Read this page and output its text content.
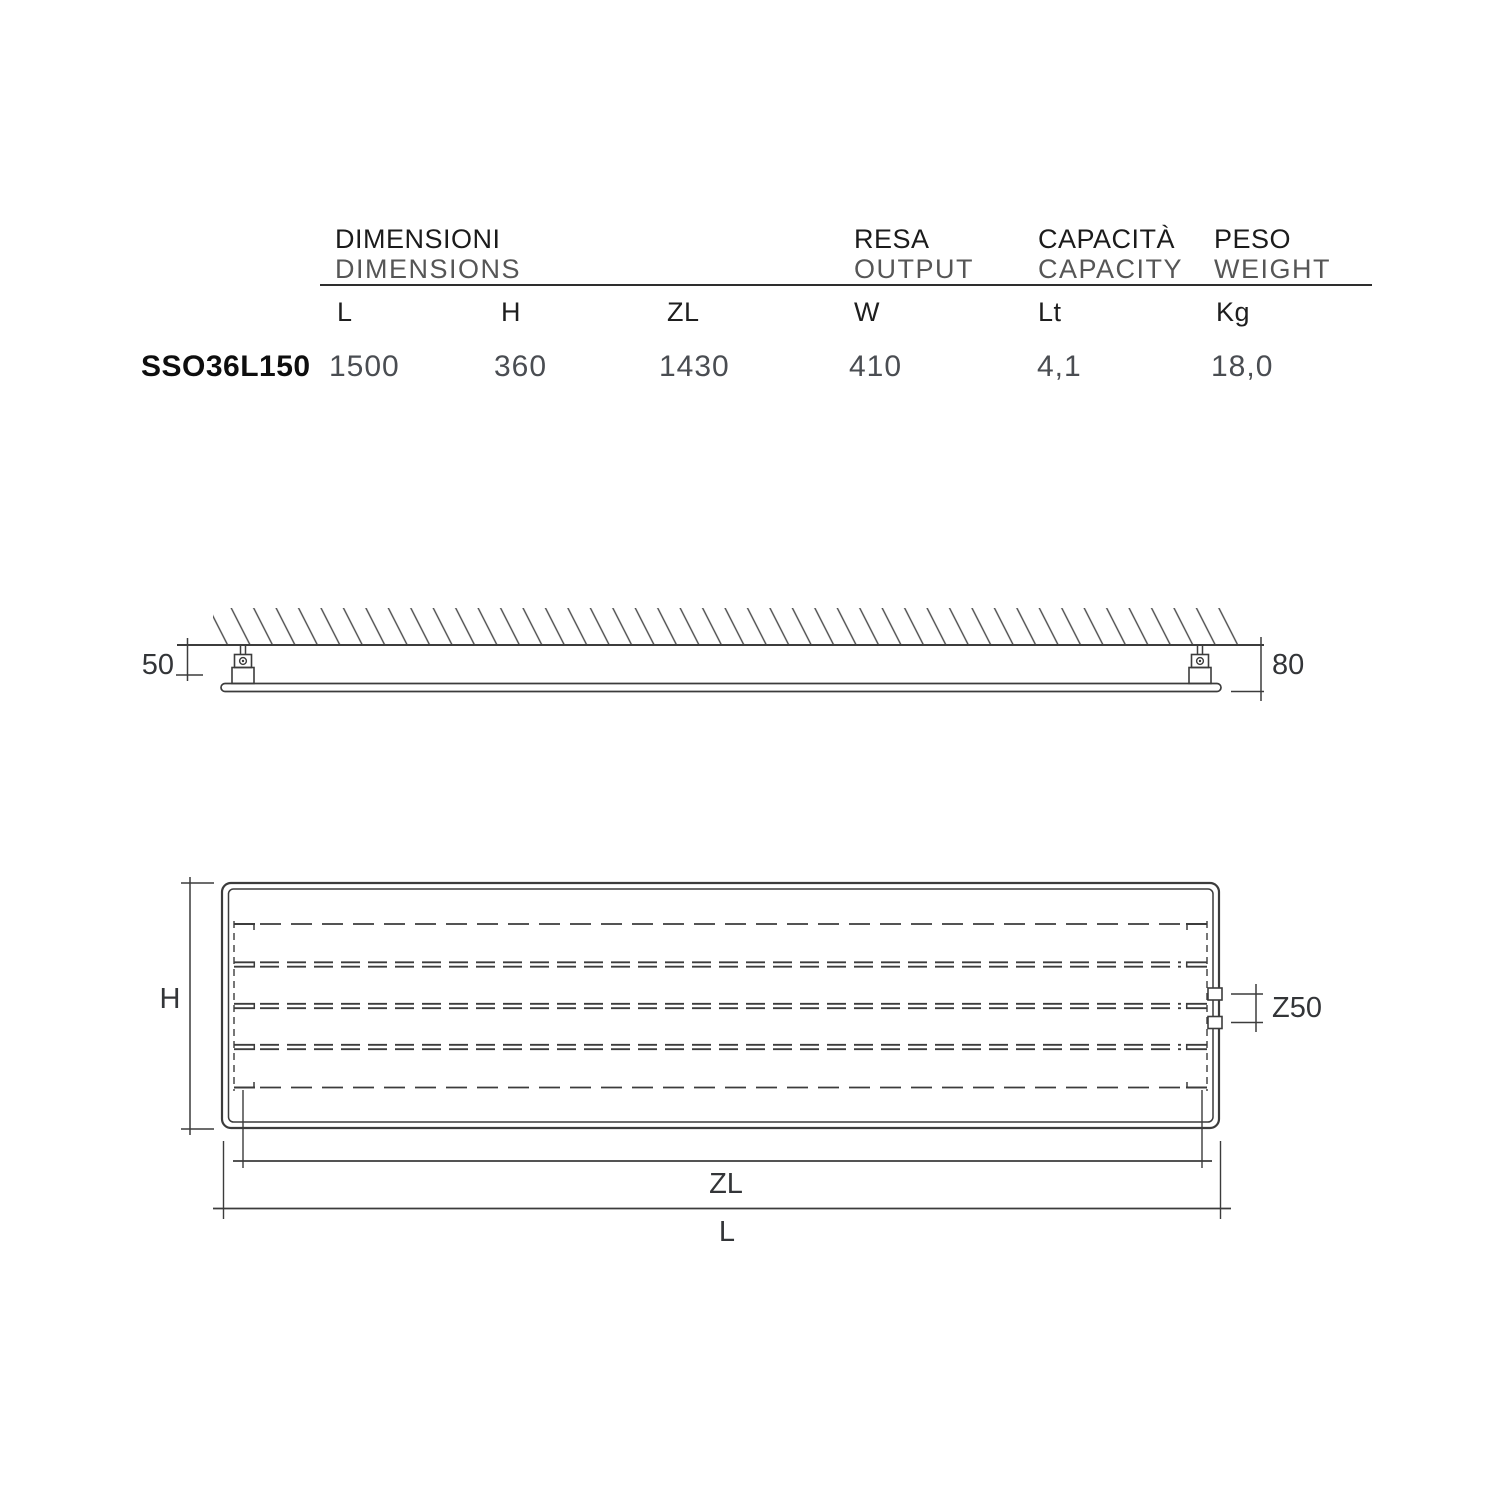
DIMENSIONI
DIMENSIONS
RESA
OUTPUT
CAPACITÀ
CAPACITY
PESO
WEIGHT
L	H	ZL	W	Lt	Kg
SSO36L150 1500	360	1430	410	4,1	18,0
50	80
H	Z50
ZL
L
